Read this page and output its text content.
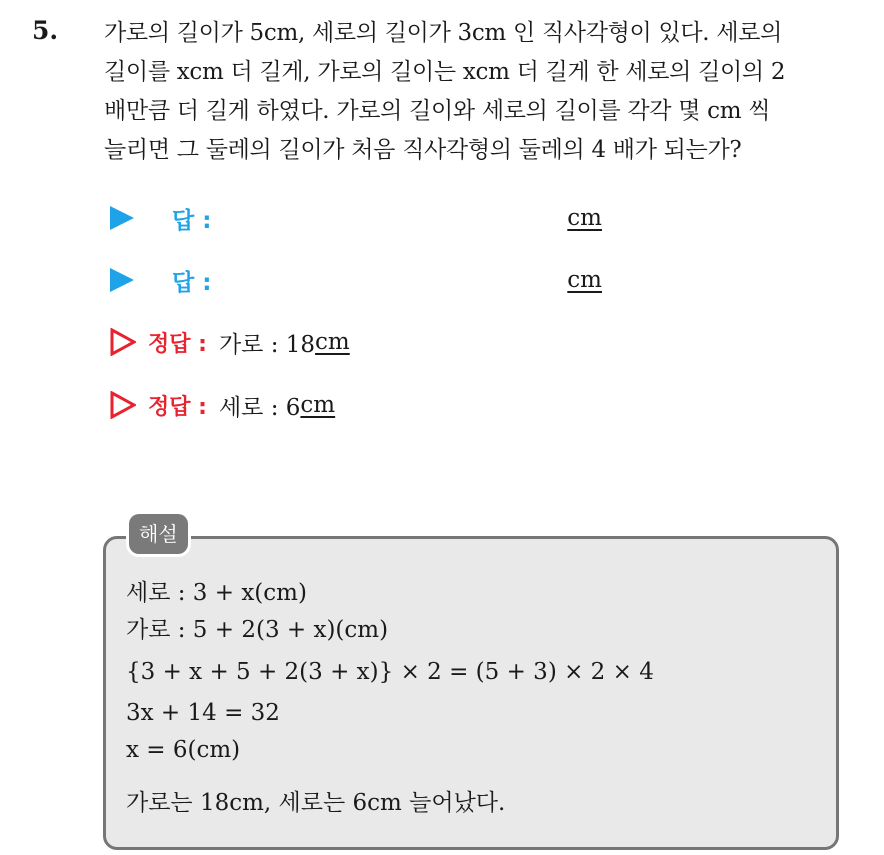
5. 가로의 길이가 5cm, 세로의 길이가 3cm 인 직사각형이 있다. 세로의
길이를 xcm 더 길게, 가로의 길이는 xcm 더 길게 한 세로의 길이의 2
배만큼 더 길게 하였다. 가로의 길이와 세로의 길이를 각각 몇 cm 씩
늘리면 그 둘레의 길이가 처음 직사각형의 둘레의 4 배가 되는가?
답 :	cm
답 :	cm
정답 : 가로 : 18 cm
정답 : 세로 : 6 cm
해설
세로 : 3 + x(cm)
가로 : 5 + 2(3 + x)(cm)
{3 + x + 5 + 2(3 + x)} × 2 = (5 + 3) × 2 × 4
3x + 14 = 32
x = 6(cm)
가로는 18cm, 세로는 6cm 늘어났다.
